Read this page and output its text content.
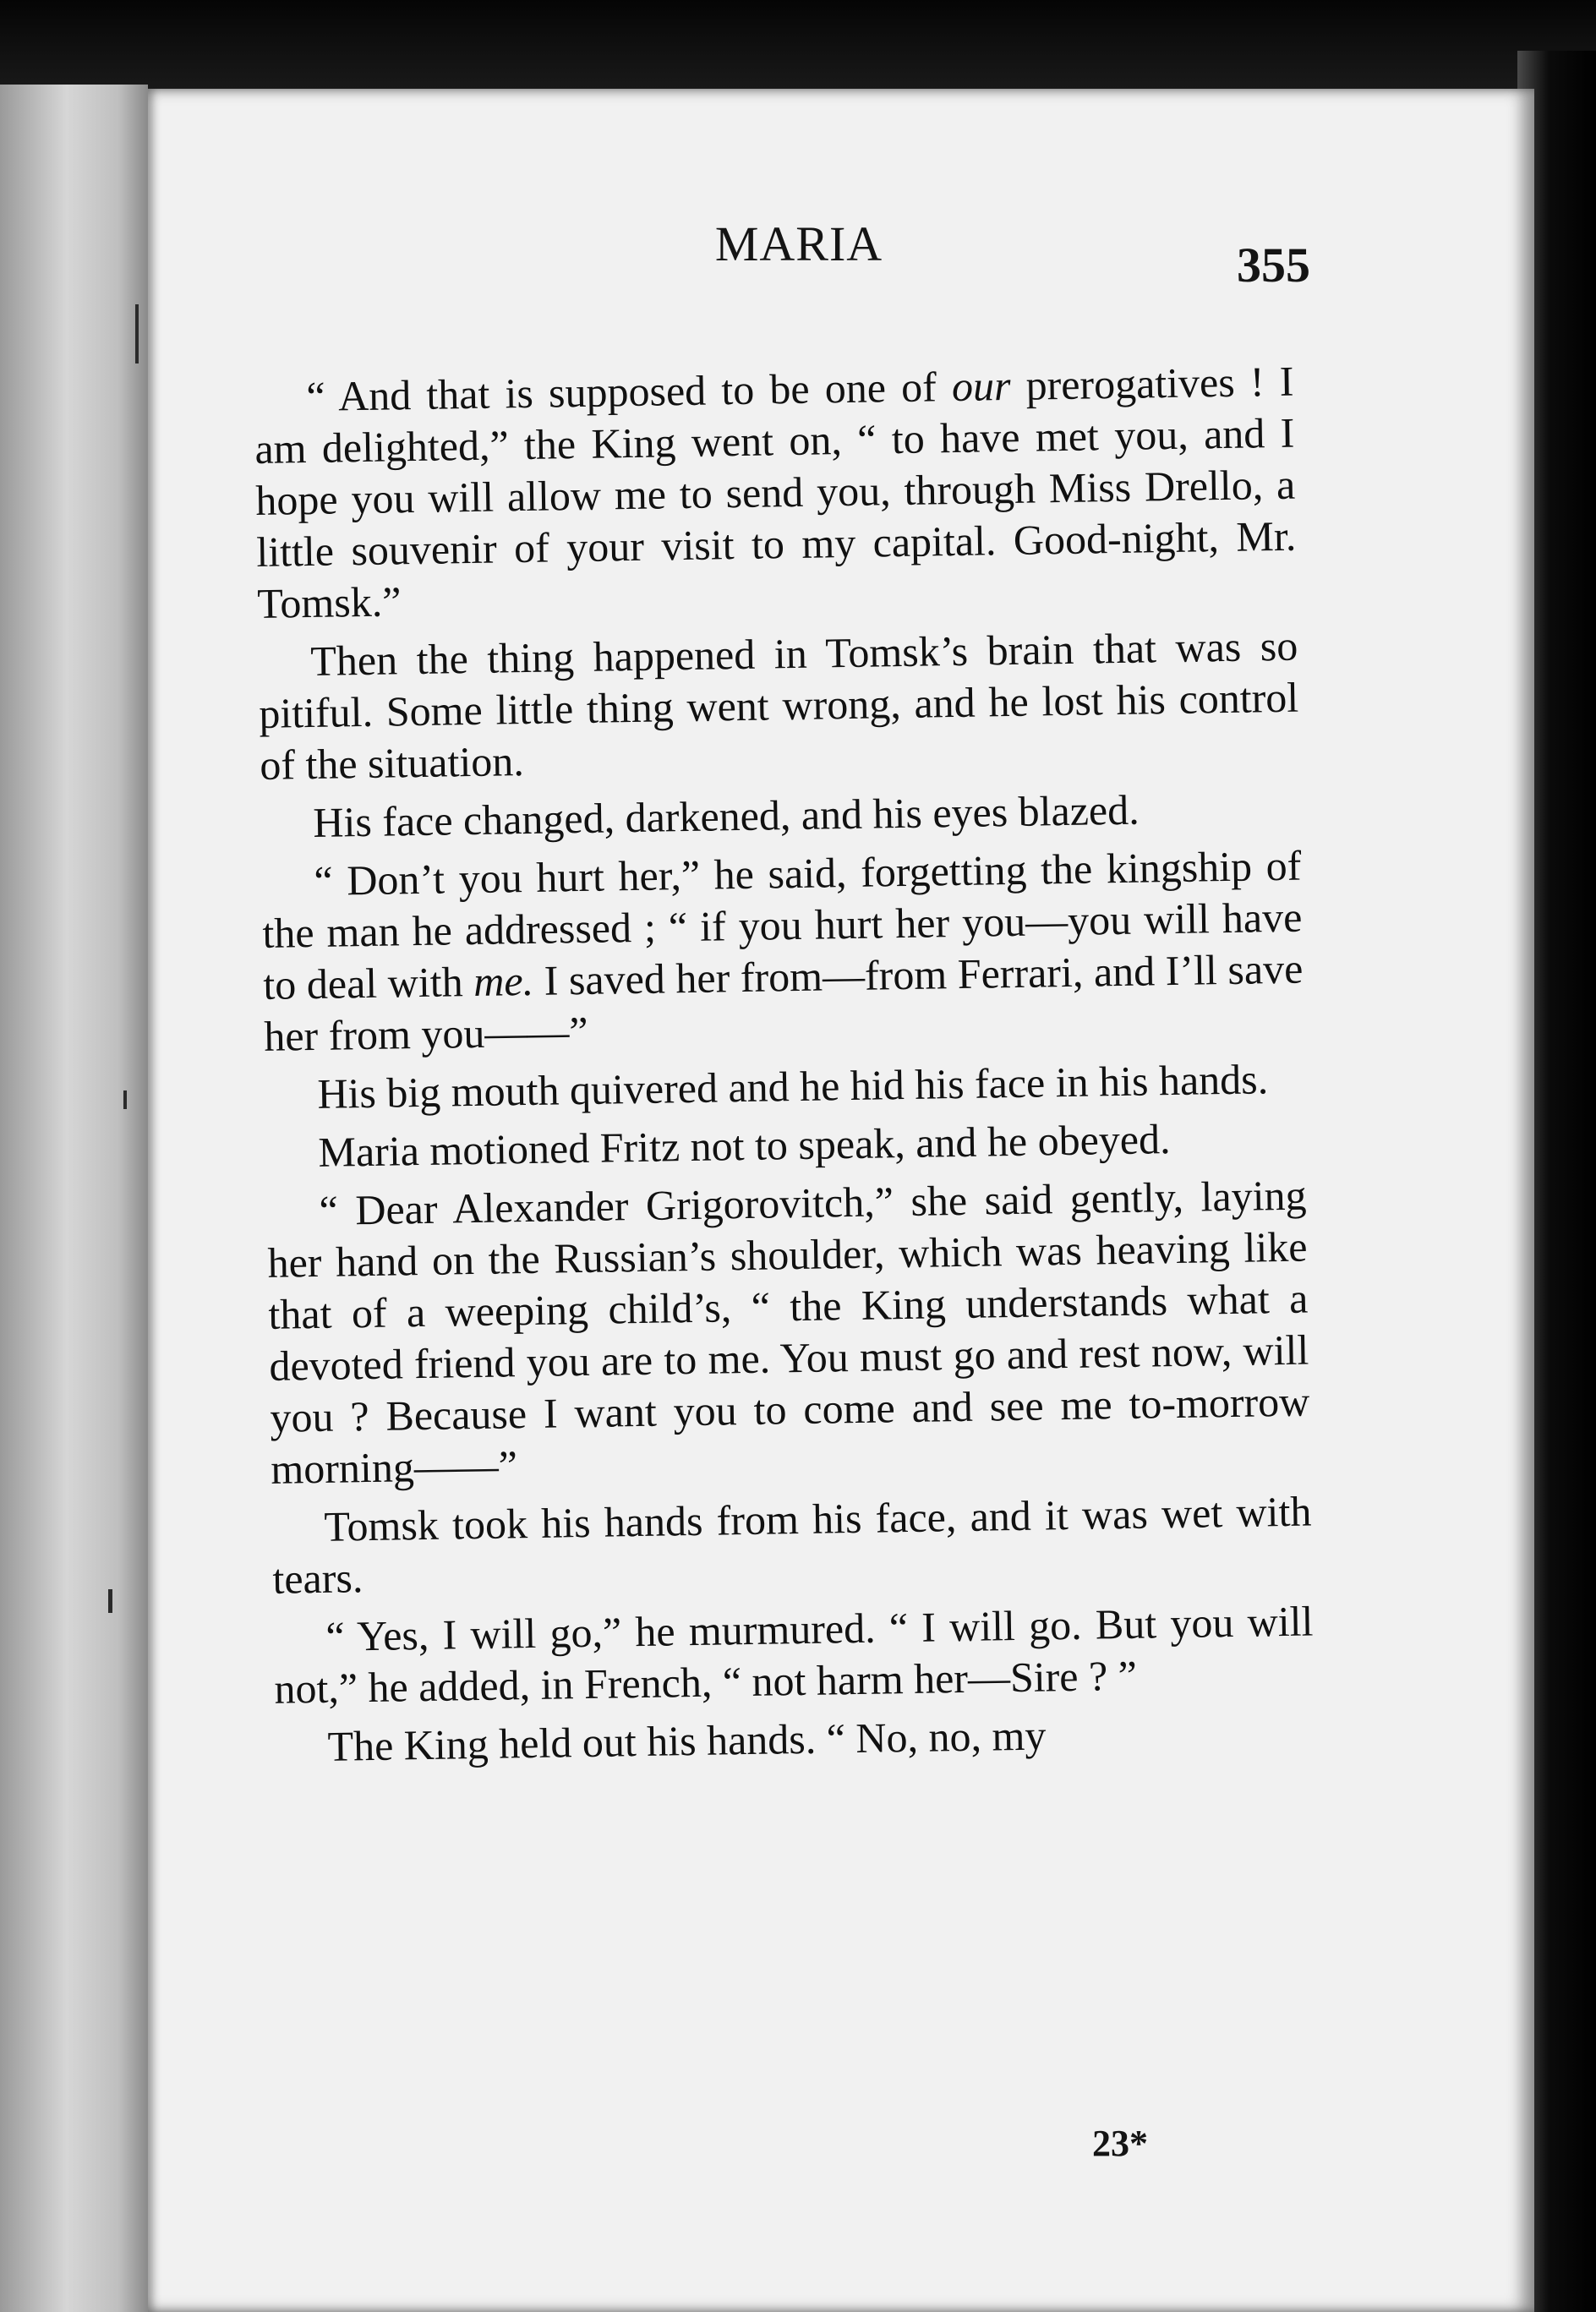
MARIA	355

“ And that is supposed to be one of our prerogatives ! I am delighted,” the King went on, “ to have met you, and I hope you will allow me to send you, through Miss Drello, a little souvenir of your visit to my capital. Good-night, Mr. Tomsk.”

Then the thing happened in Tomsk’s brain that was so pitiful. Some little thing went wrong, and he lost his control of the situation.

His face changed, darkened, and his eyes blazed.

“ Don’t you hurt her,” he said, forgetting the kingship of the man he addressed ; “ if you hurt her you—you will have to deal with me. I saved her from—from Ferrari, and I’ll save her from you——”

His big mouth quivered and he hid his face in his hands.

Maria motioned Fritz not to speak, and he obeyed.

“ Dear Alexander Grigorovitch,” she said gently, laying her hand on the Russian’s shoulder, which was heaving like that of a weeping child’s, “ the King understands what a devoted friend you are to me. You must go and rest now, will you ? Because I want you to come and see me to-morrow morning——”

Tomsk took his hands from his face, and it was wet with tears.

“ Yes, I will go,” he murmured. “ I will go. But you will not,” he added, in French, “ not harm her—Sire ? ”

The King held out his hands. “ No, no, my

23*
